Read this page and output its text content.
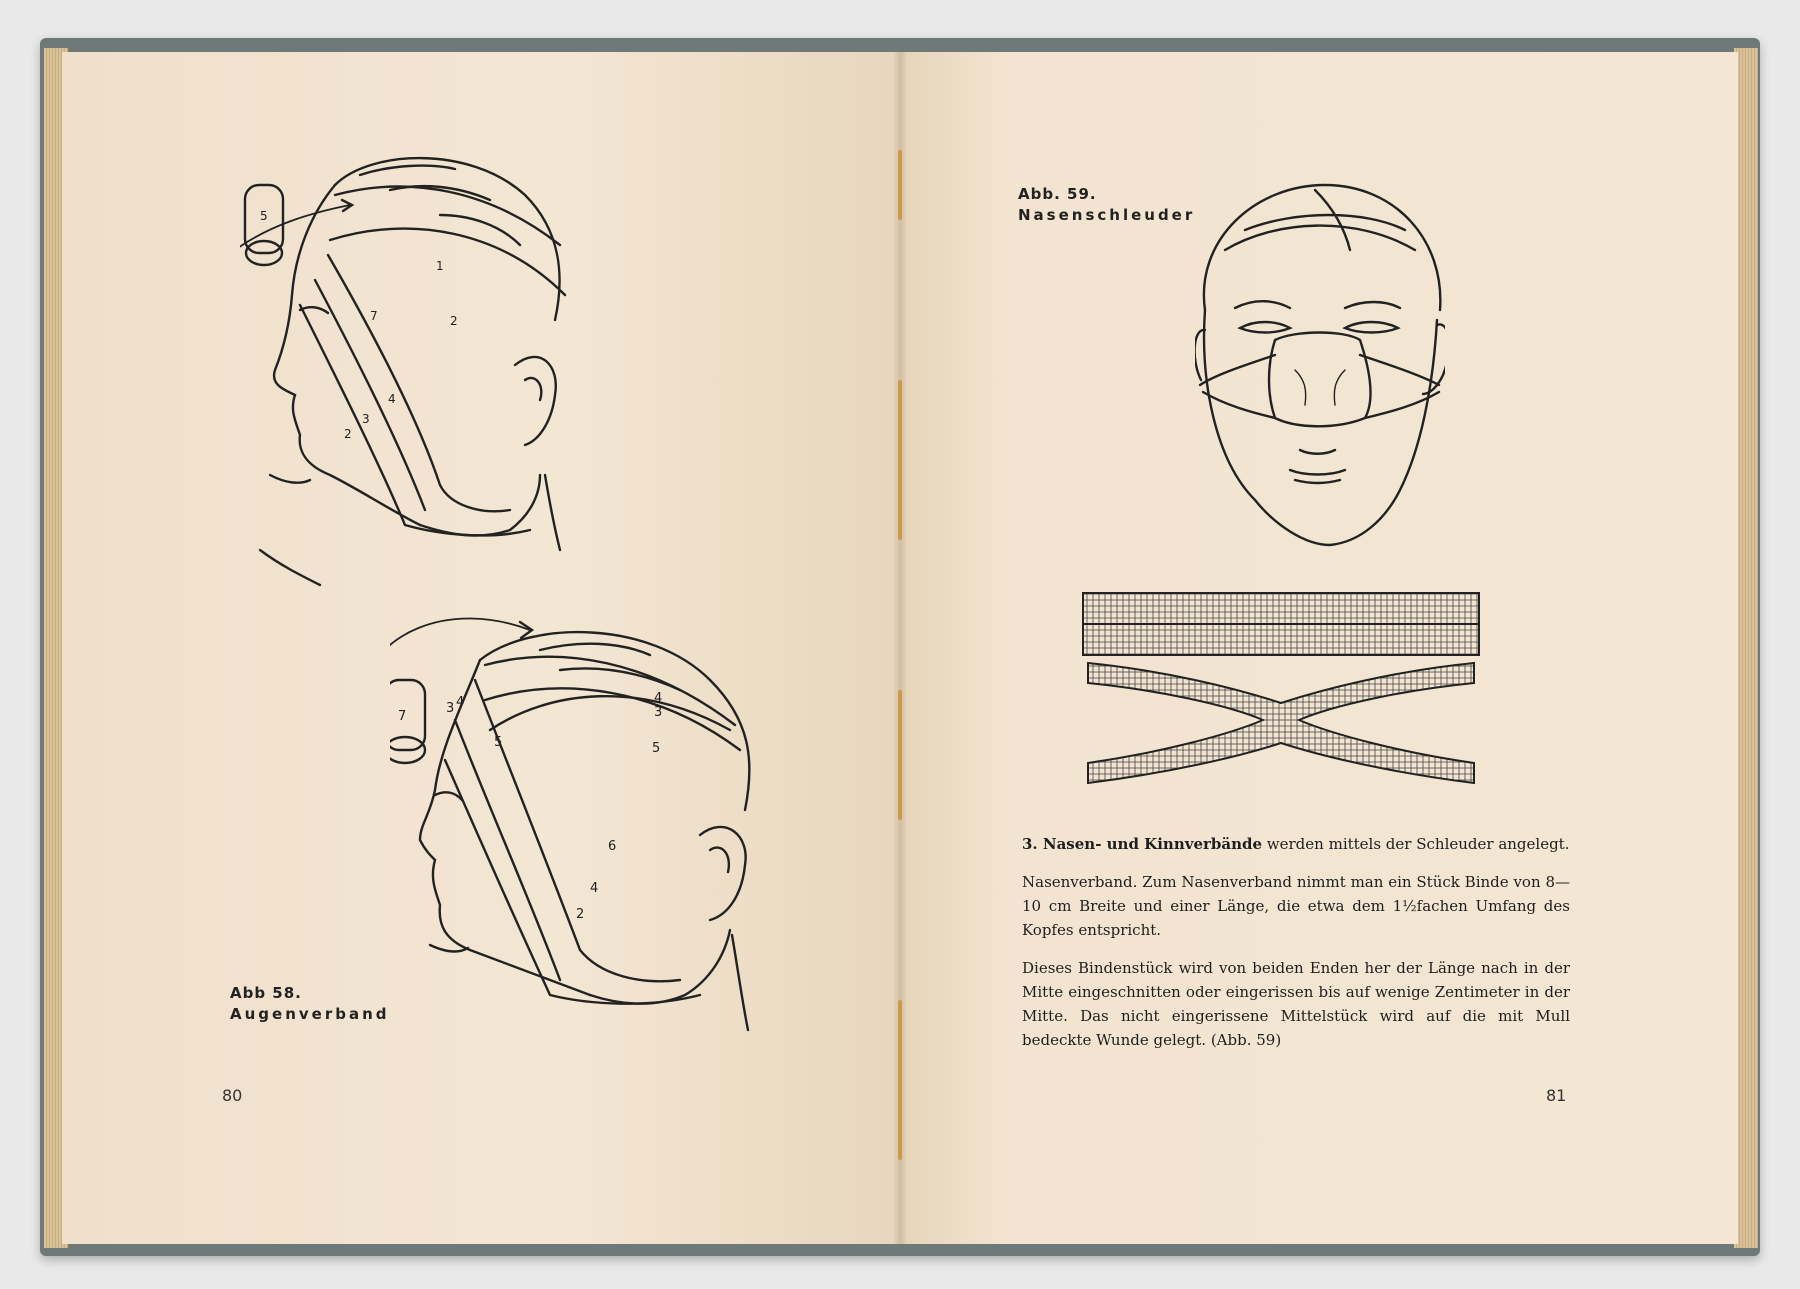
5
1
7	2
4
3
2
7
3 4	4
3
5	5
6
4
2
Abb 58.
Augenverband
80
Abb. 59.
Nasenschleuder

3. Nasen- und Kinnverbände werden mittels der Schleuder angelegt.

Nasenverband. Zum Nasenverband nimmt man ein Stück Binde von 8—10 cm Breite und einer Länge, die etwa dem 1½fachen Umfang des Kopfes entspricht.

Dieses Bindenstück wird von beiden Enden her der Länge nach in der Mitte eingeschnitten oder eingerissen bis auf wenige Zentimeter in der Mitte. Das nicht eingerissene Mittelstück wird auf die mit Mull bedeckte Wunde gelegt. (Abb. 59)

81
